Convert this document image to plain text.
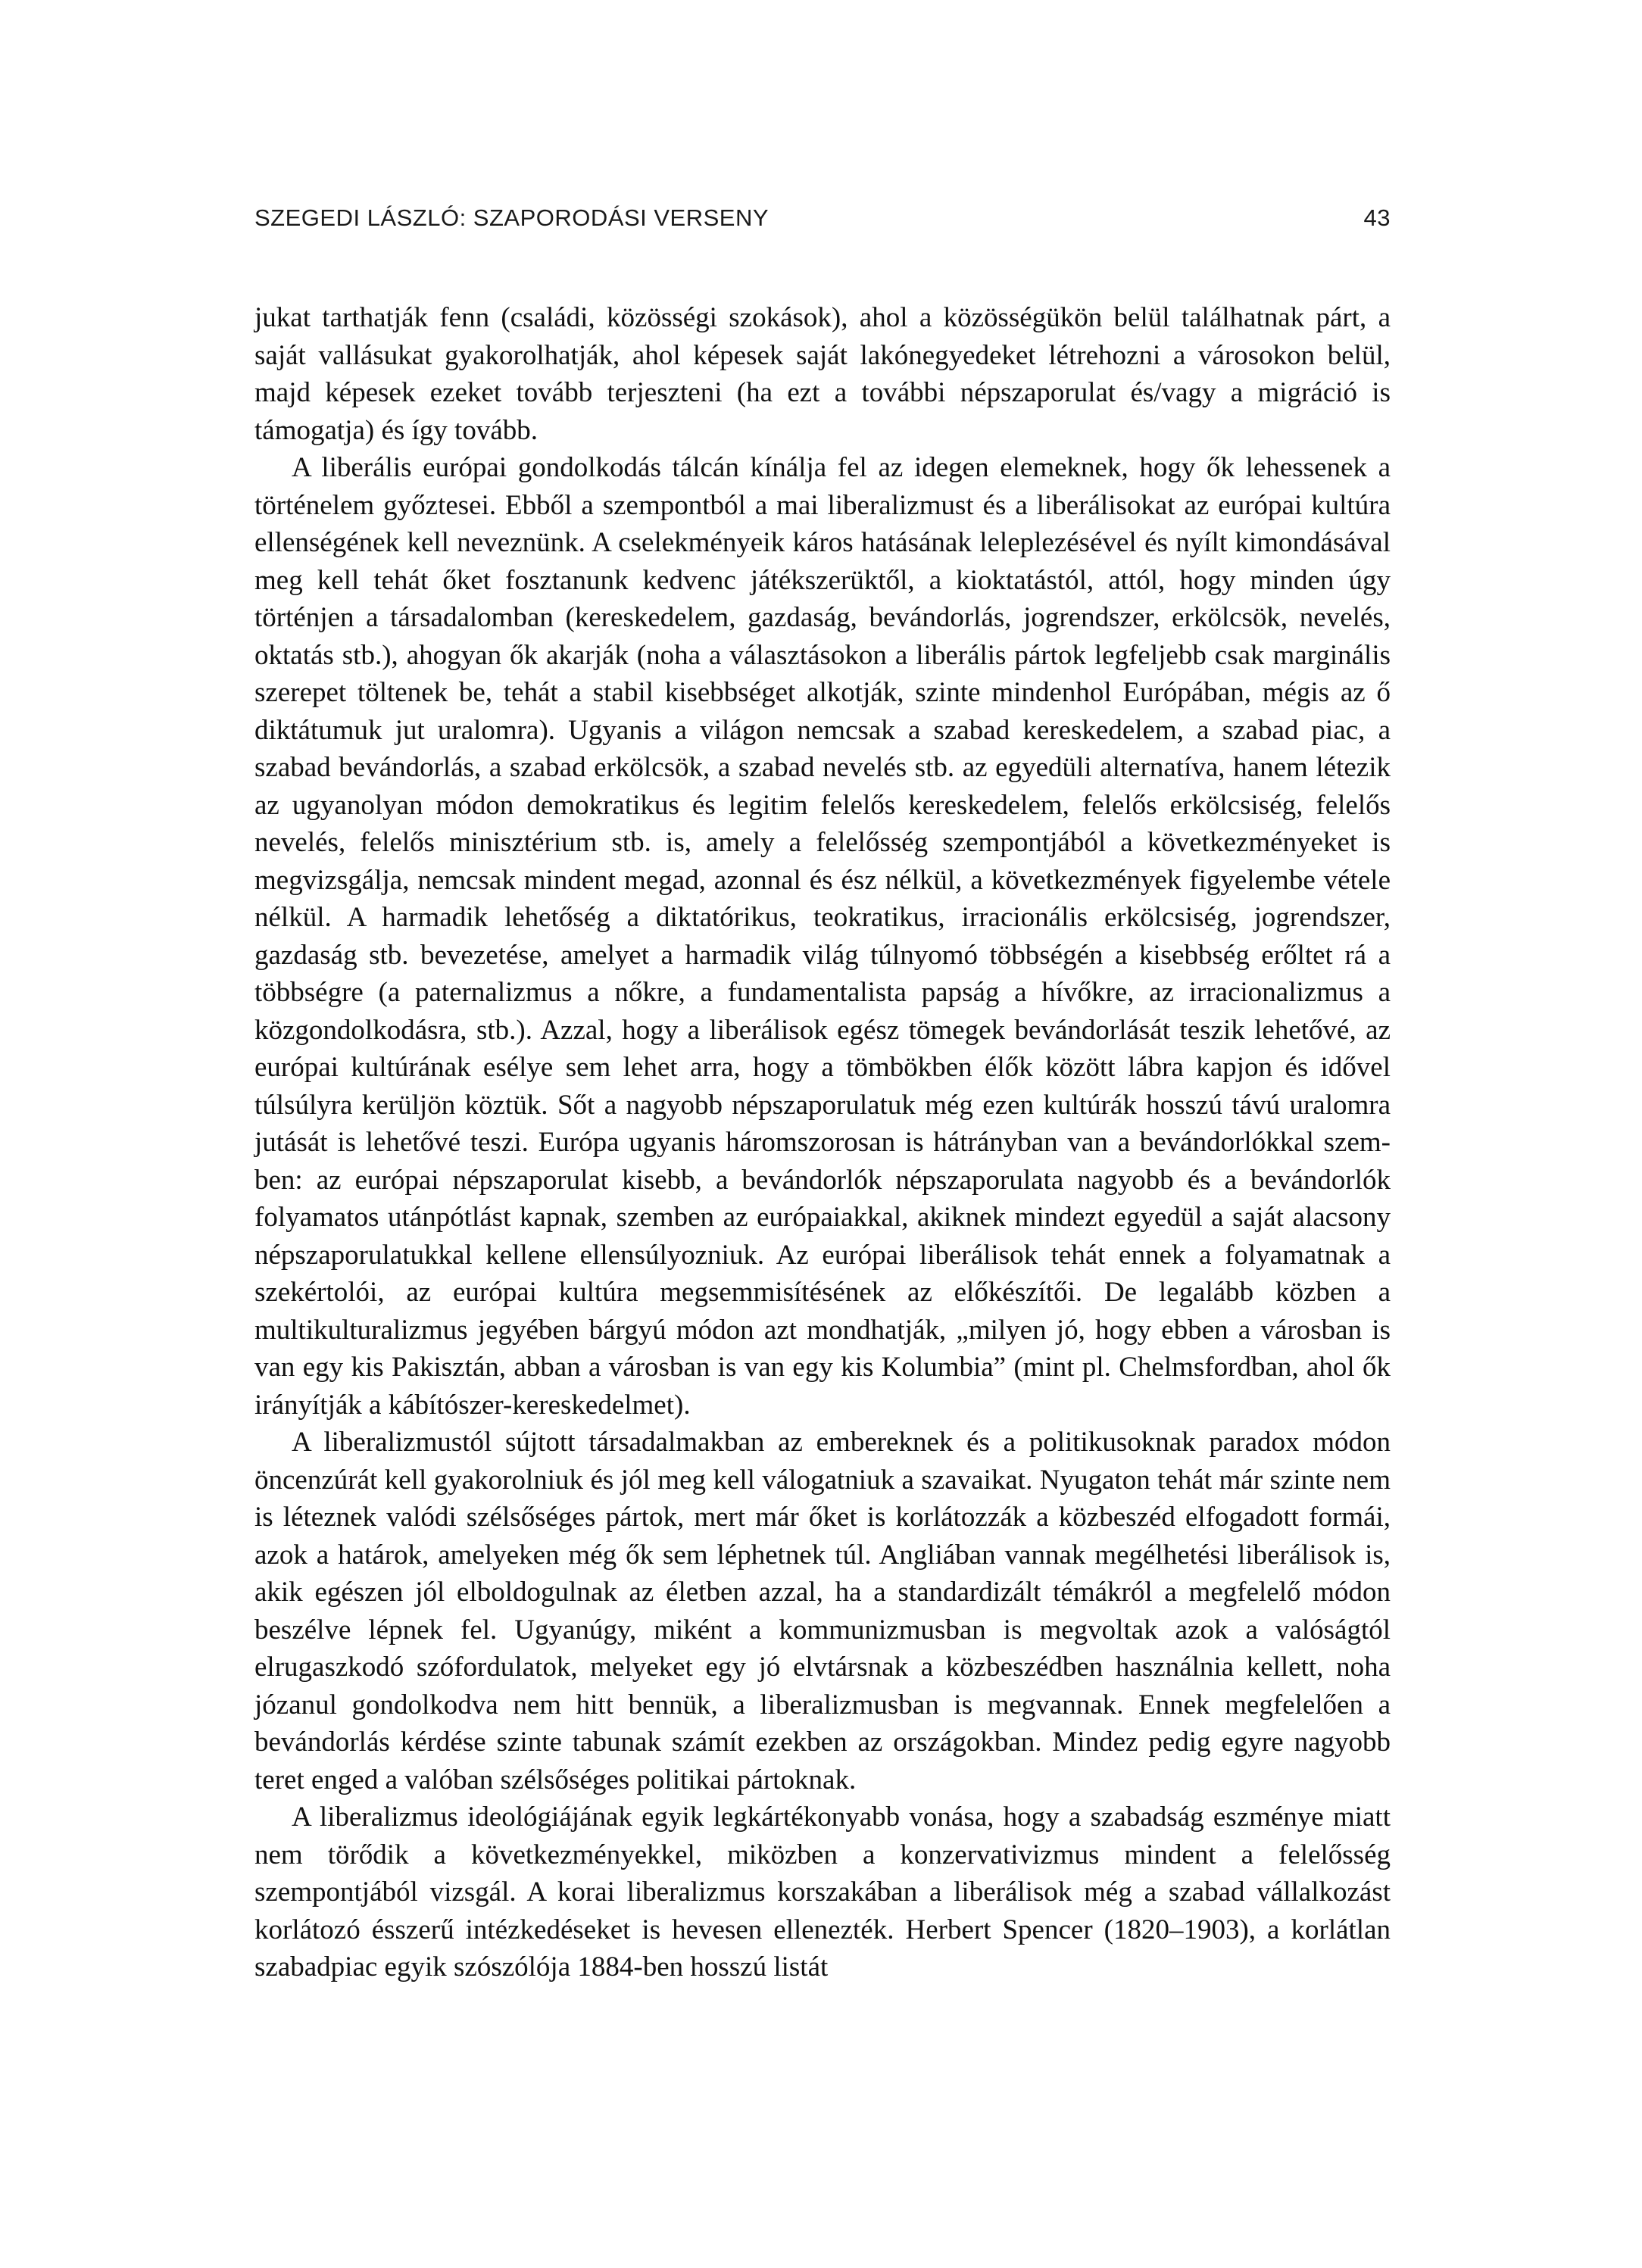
SZEGEDI LÁSZLÓ: SZAPORODÁSI VERSENY	43

jukat tarthatják fenn (családi, közösségi szokások), ahol a közösségükön belül találhatnak párt, a saját vallásukat gyakorolhatják, ahol képesek saját lakónegyedeket létrehozni a városokon belül, majd képesek ezeket tovább terjeszteni (ha ezt a további népszaporulat és/vagy a migráció is támogatja) és így tovább.

A liberális európai gondolkodás tálcán kínálja fel az idegen elemeknek, hogy ők lehessenek a történelem győztesei. Ebből a szempontból a mai liberalizmust és a liberálisokat az európai kultúra ellenségének kell neveznünk. A cselekményeik káros hatásának leleplezésével és nyílt kimondásával meg kell tehát őket fosztanunk kedvenc játékszerüktől, a kioktatástól, attól, hogy minden úgy történjen a társadalomban (kereskedelem, gazdaság, bevándorlás, jogrendszer, erkölcsök, nevelés, oktatás stb.), ahogyan ők akarják (noha a választásokon a liberális pártok legfeljebb csak marginális szerepet töltenek be, tehát a stabil kisebbséget alkotják, szinte mindenhol Európában, mégis az ő diktátumuk jut uralomra). Ugyanis a világon nemcsak a szabad kereskedelem, a szabad piac, a szabad bevándorlás, a szabad erkölcsök, a szabad nevelés stb. az egyedüli alternatíva, hanem létezik az ugyanolyan módon demokratikus és legitim felelős kereskedelem, felelős erkölcsiség, felelős nevelés, felelős minisztérium stb. is, amely a felelősség szempontjából a következményeket is megvizsgálja, nemcsak mindent megad, azonnal és ész nélkül, a következmények figyelembe vétele nélkül. A harmadik lehetőség a diktatórikus, teokratikus, irracionális erkölcsiség, jogrendszer, gazdaság stb. bevezetése, amelyet a harmadik világ túlnyomó többségén a kisebbség erőltet rá a többségre (a paternalizmus a nőkre, a fundamentalista papság a hívőkre, az irracionalizmus a közgondolkodásra, stb.). Azzal, hogy a liberálisok egész tömegek bevándorlását teszik lehetővé, az európai kultúrának esélye sem lehet arra, hogy a tömbökben élők között lábra kapjon és idővel túlsúlyra kerüljön köztük. Sőt a nagyobb népszaporulatuk még ezen kultúrák hosszú távú uralomra jutását is lehetővé teszi. Európa ugyanis háromszorosan is hátrányban van a bevándorlókkal szemben: az európai népszaporulat kisebb, a bevándorlók népszaporulata nagyobb és a bevándorlók folyamatos utánpótlást kapnak, szemben az európaiakkal, akiknek mindezt egyedül a saját alacsony népszaporulatukkal kellene ellensúlyozniuk. Az európai liberálisok tehát ennek a folyamatnak a szekértolói, az európai kultúra megsemmisítésének az előkészítői. De legalább közben a multikulturalizmus jegyében bárgyú módon azt mondhatják, „milyen jó, hogy ebben a városban is van egy kis Pakisztán, abban a városban is van egy kis Kolumbia” (mint pl. Chelmsfordban, ahol ők irányítják a kábítószer-kereskedelmet).

A liberalizmustól sújtott társadalmakban az embereknek és a politikusoknak paradox módon öncenzúrát kell gyakorolniuk és jól meg kell válogatniuk a szavaikat. Nyugaton tehát már szinte nem is léteznek valódi szélsőséges pártok, mert már őket is korlátozzák a közbeszéd elfogadott formái, azok a határok, amelyeken még ők sem léphetnek túl. Angliában vannak megélhetési liberálisok is, akik egészen jól elboldogulnak az életben azzal, ha a standardizált témákról a megfelelő módon beszélve lépnek fel. Ugyanúgy, miként a kommunizmusban is megvoltak azok a valóságtól elrugaszkodó szófordulatok, melyeket egy jó elvtársnak a közbeszédben használnia kellett, noha józanul gondolkodva nem hitt bennük, a liberalizmusban is megvannak. Ennek megfelelően a bevándorlás kérdése szinte tabunak számít ezekben az országokban. Mindez pedig egyre nagyobb teret enged a valóban szélsőséges politikai pártoknak.

A liberalizmus ideológiájának egyik legkártékonyabb vonása, hogy a szabadság eszménye miatt nem törődik a következményekkel, miközben a konzervativizmus mindent a felelősség szempontjából vizsgál. A korai liberalizmus korszakában a liberálisok még a szabad vállalkozást korlátozó ésszerű intézkedéseket is hevesen ellenezték. Herbert Spencer (1820–1903), a korlátlan szabadpiac egyik szószólója 1884-ben hosszú listát
